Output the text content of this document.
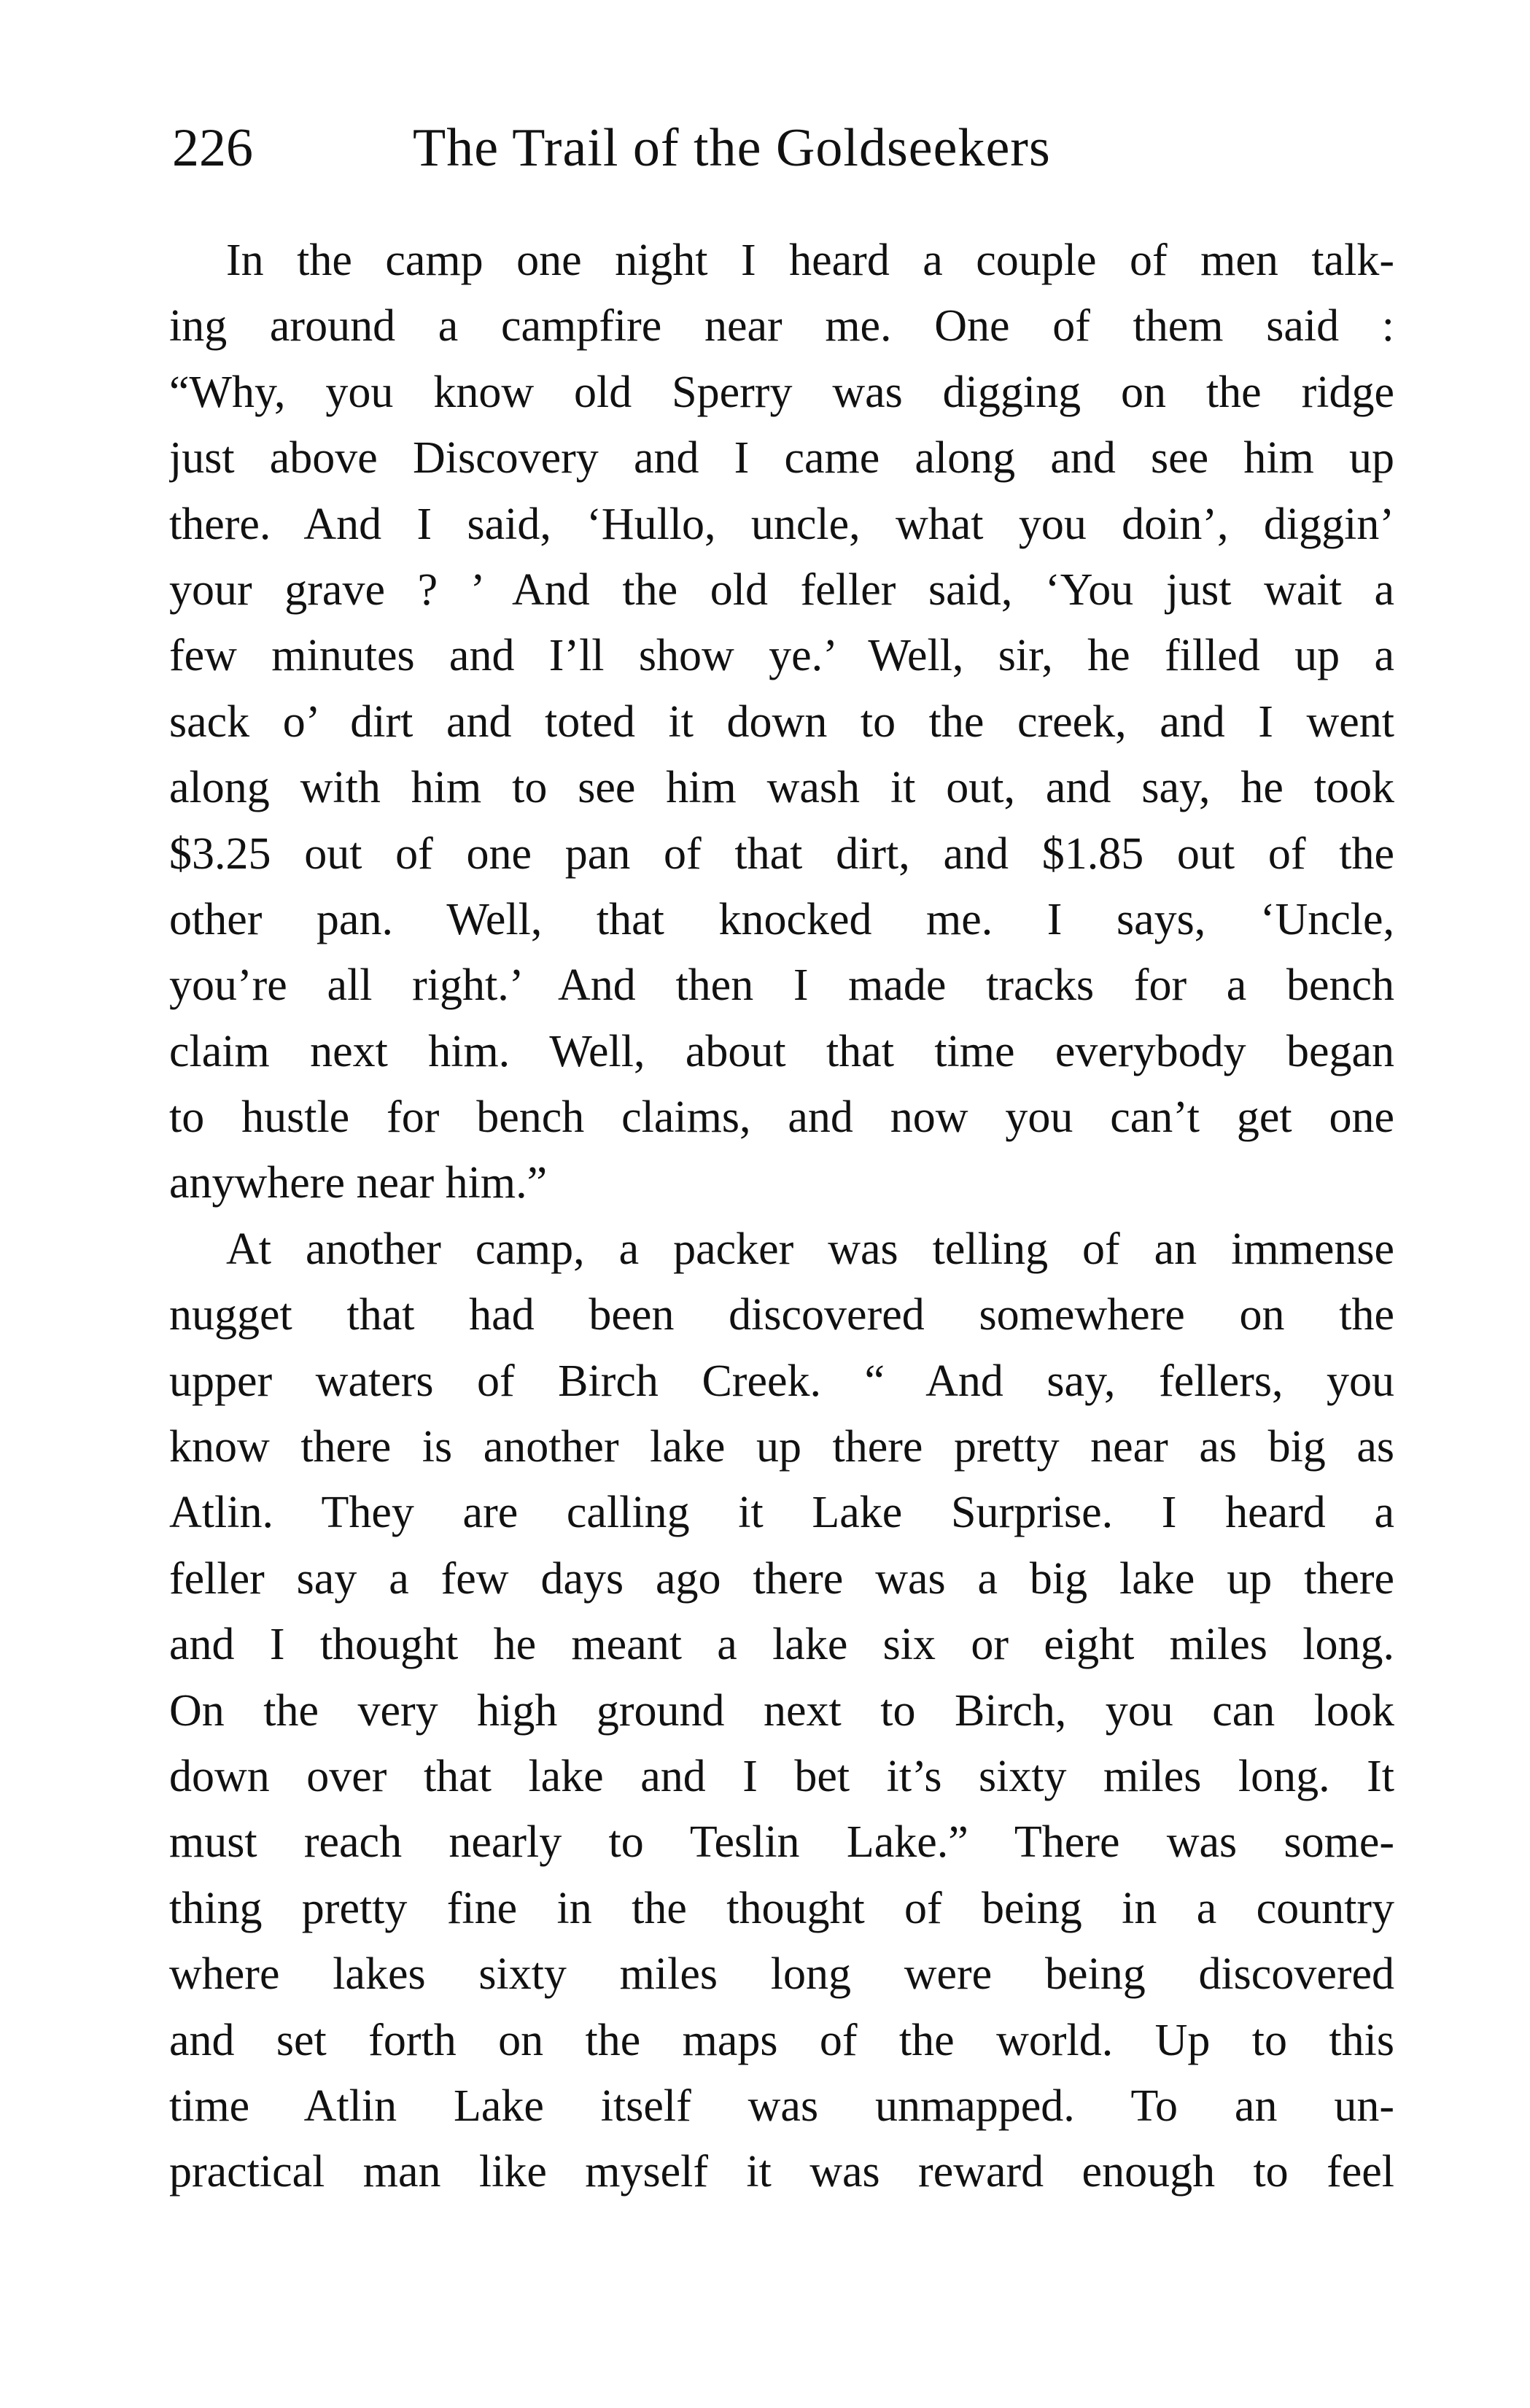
226	The Trail of the Goldseekers
In the camp one night I heard a couple of men talk-
ing around a campfire near me. One of them said :
“Why, you know old Sperry was digging on the ridge
just above Discovery and I came along and see him up
there. And I said, ‘Hullo, uncle, what you doin’, diggin’
your grave ? ’ And the old feller said, ‘You just wait a
few minutes and I’ll show ye.’ Well, sir, he filled up a
sack o’ dirt and toted it down to the creek, and I went
along with him to see him wash it out, and say, he took
$3.25 out of one pan of that dirt, and $1.85 out of the
other pan. Well, that knocked me. I says, ‘Uncle,
you’re all right.’ And then I made tracks for a bench
claim next him. Well, about that time everybody began
to hustle for bench claims, and now you can’t get one
anywhere near him.”
At another camp, a packer was telling of an immense
nugget that had been discovered somewhere on the
upper waters of Birch Creek. “ And say, fellers, you
know there is another lake up there pretty near as big as
Atlin. They are calling it Lake Surprise. I heard a
feller say a few days ago there was a big lake up there
and I thought he meant a lake six or eight miles long.
On the very high ground next to Birch, you can look
down over that lake and I bet it’s sixty miles long. It
must reach nearly to Teslin Lake.” There was some-
thing pretty fine in the thought of being in a country
where lakes sixty miles long were being discovered
and set forth on the maps of the world. Up to this
time Atlin Lake itself was unmapped. To an un-
practical man like myself it was reward enough to feel
